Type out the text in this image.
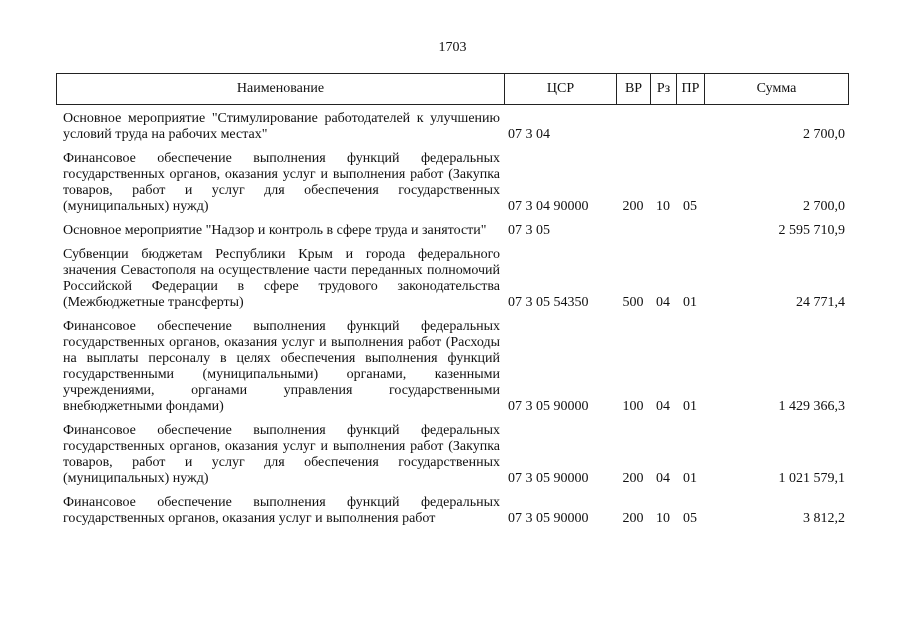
1703
Наименование	ЦСР	ВР	Рз ПР	Сумма
Основное мероприятие "Стимулирование работодателей к улучшению условий труда на рабочих местах"	07 3 04	2 700,0
Финансовое обеспечение выполнения функций федеральных государственных органов, оказания услуг и выполнения работ (Закупка товаров, работ и услуг для обеспечения государственных (муниципальных) нужд)	07 3 04 90000	200 10 05	2 700,0
Основное мероприятие "Надзор и контроль в сфере труда и занятости"	07 3 05	2 595 710,9
Субвенции бюджетам Республики Крым и города федерального значения Севастополя на осуществление части переданных полномочий Российской Федерации в сфере трудового законодательства (Межбюджетные трансферты)	07 3 05 54350	500 04 01	24 771,4
Финансовое обеспечение выполнения функций федеральных государственных органов, оказания услуг и выполнения работ (Расходы на выплаты персоналу в целях обеспечения выполнения функций государственными (муниципальными) органами, казенными учреждениями, органами управления государственными внебюджетными фондами)	07 3 05 90000	100 04 01	1 429 366,3
Финансовое обеспечение выполнения функций федеральных государственных органов, оказания услуг и выполнения работ (Закупка товаров, работ и услуг для обеспечения государственных (муниципальных) нужд)	07 3 05 90000	200 04 01	1 021 579,1
Финансовое обеспечение выполнения функций федеральных государственных органов, оказания услуг и выполнения работ	07 3 05 90000	200 10 05	3 812,2
